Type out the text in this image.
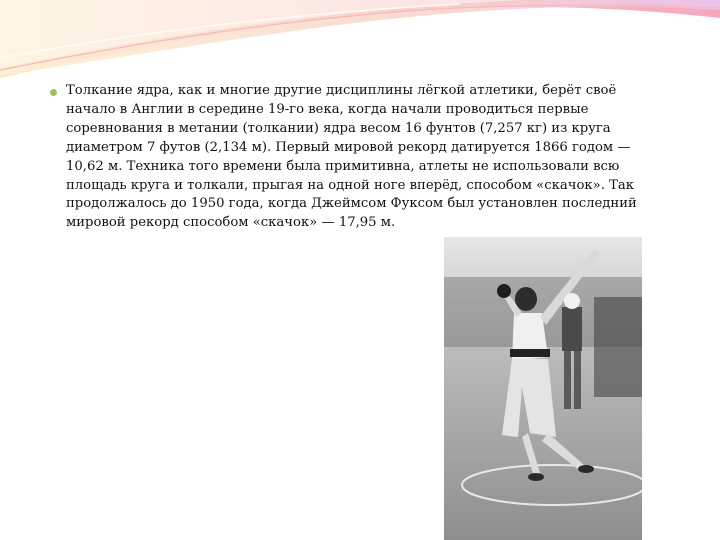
Толкание ядра, как и многие другие дисциплины лёгкой атлетики, берёт своё начало в Англии в середине 19-го века, когда начали проводиться первые соревнования в метании (толкании) ядра весом 16 фунтов (7,257 кг) из круга диаметром 7 футов (2,134 м). Первый мировой рекорд датируется 1866 годом — 10,62 м. Техника того времени была примитивна, атлеты не использовали всю площадь круга и толкали, прыгая на одной ноге вперёд, способом «скачок». Так продолжалось до 1950 года, когда Джеймсом Фуксом был установлен последний мировой рекорд способом «скачок» — 17,95 м.
